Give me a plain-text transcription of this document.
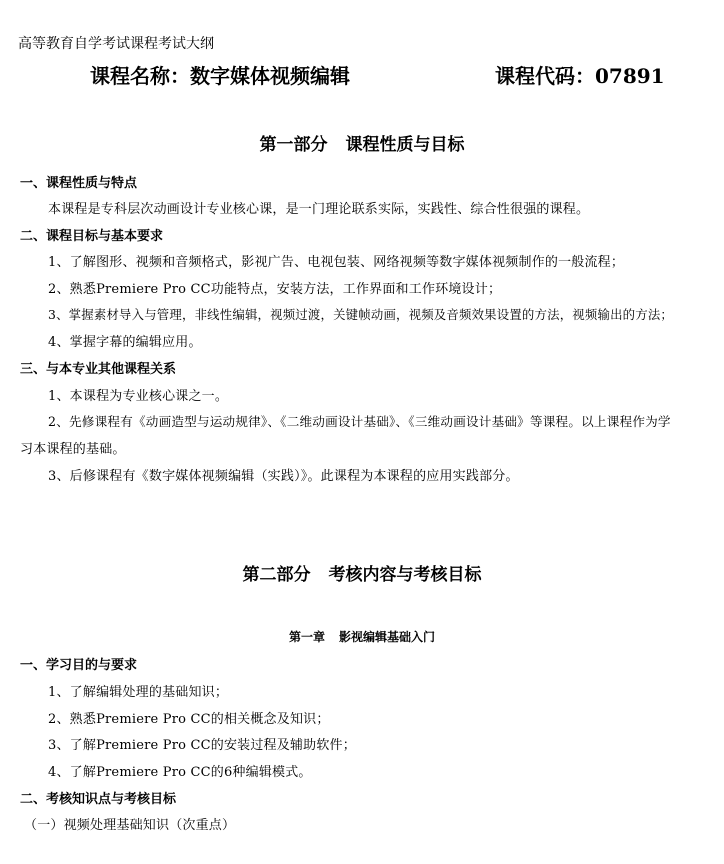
高等教育自学考试课程考试大纲
课程名称：数字媒体视频编辑	课程代码：07891
第一部分 课程性质与目标
一、课程性质与特点
本课程是专科层次动画设计专业核心课，是一门理论联系实际，实践性、综合性很强的课程。
二、课程目标与基本要求
1、了解图形、视频和音频格式，影视广告、电视包装、网络视频等数字媒体视频制作的一般流程；
2、熟悉Premiere Pro CC功能特点，安装方法，工作界面和工作环境设计；
3、掌握素材导入与管理，非线性编辑，视频过渡，关键帧动画，视频及音频效果设置的方法，视频输出的方法；
4、掌握字幕的编辑应用。
三、与本专业其他课程关系
1、本课程为专业核心课之一。
2、先修课程有《动画造型与运动规律》、《二维动画设计基础》、《三维动画设计基础》等课程。以上课程作为学
习本课程的基础。
3、后修课程有《数字媒体视频编辑（实践）》。此课程为本课程的应用实践部分。
第二部分 考核内容与考核目标
第一章 影视编辑基础入门
一、学习目的与要求
1、了解编辑处理的基础知识；
2、熟悉Premiere Pro CC的相关概念及知识；
3、了解Premiere Pro CC的安装过程及辅助软件；
4、了解Premiere Pro CC的6种编辑模式。
二、考核知识点与考核目标
（一）视频处理基础知识（次重点）
